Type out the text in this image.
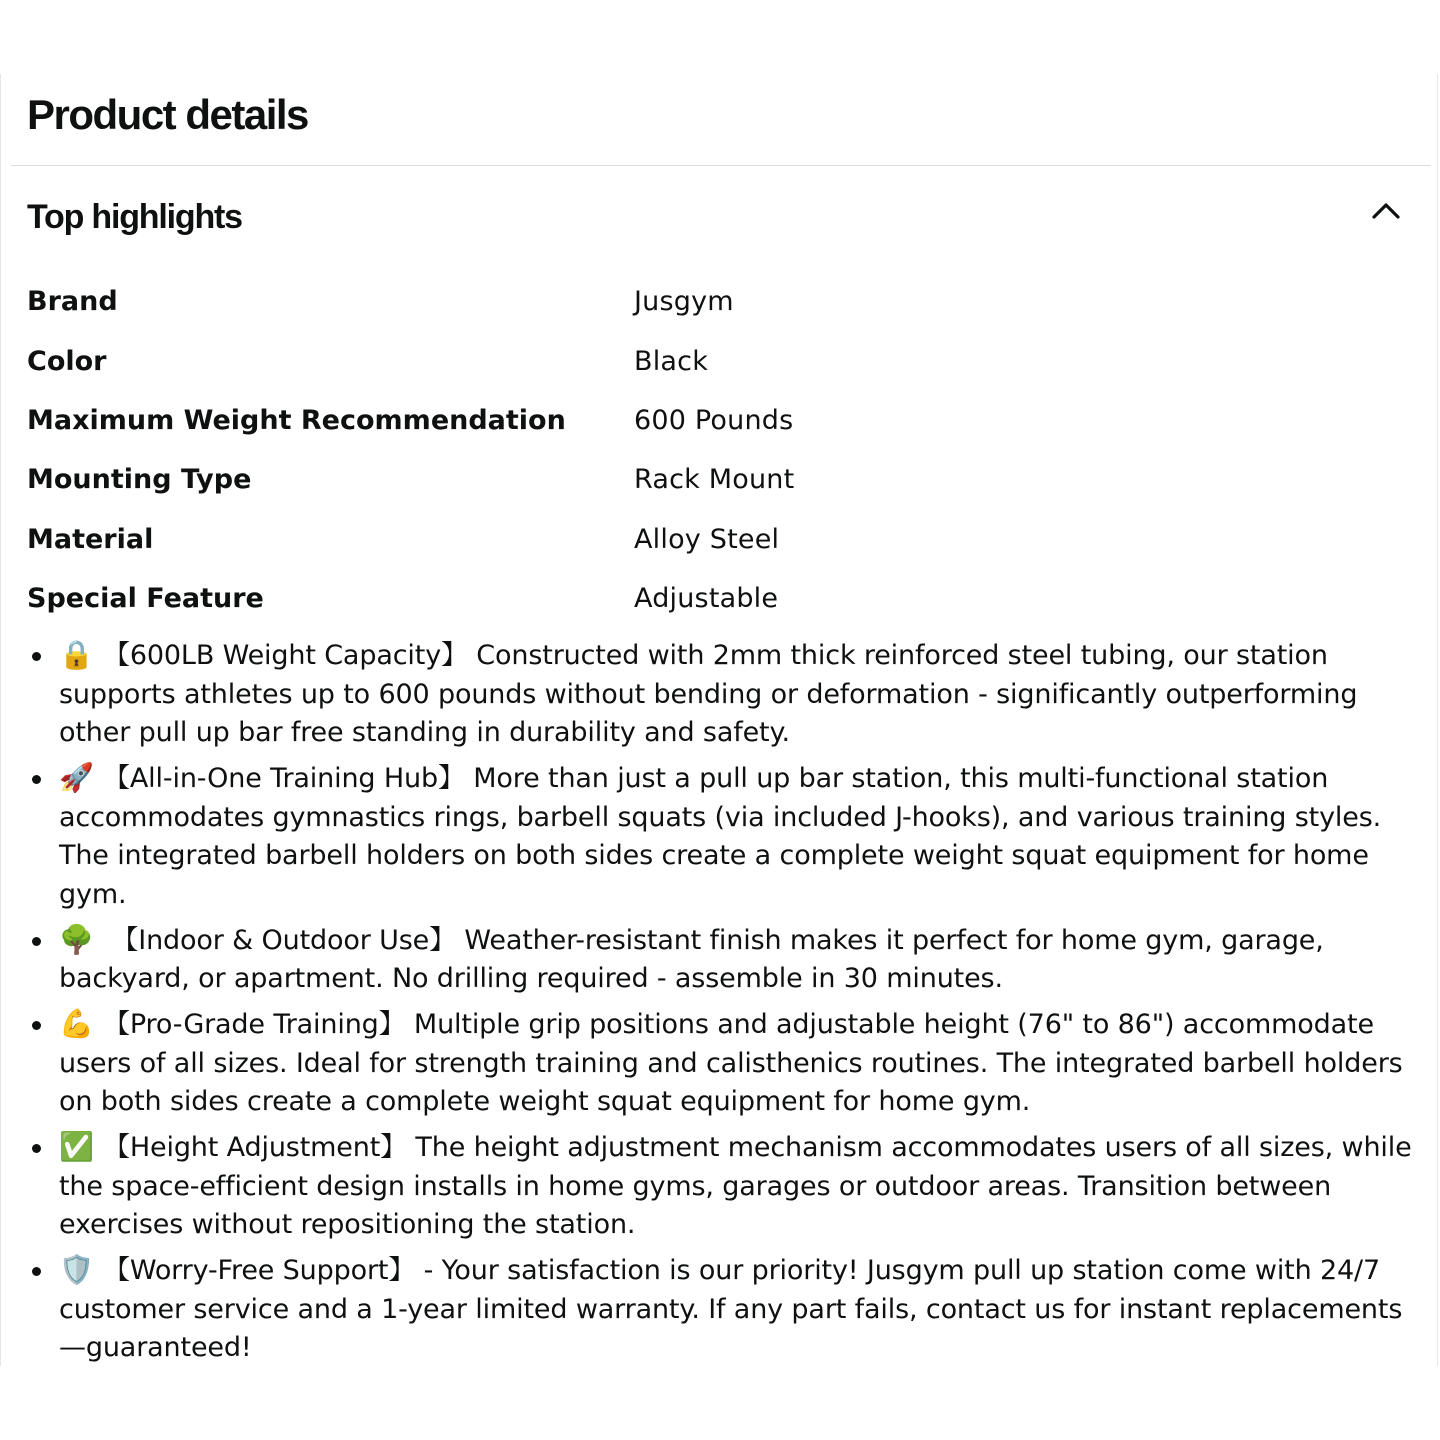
Product details
Top highlights
Brand	Jusgym
Color	Black
Maximum Weight Recommendation	600 Pounds
Mounting Type	Rack Mount
Material	Alloy Steel
Special Feature	Adjustable
🔒 【600LB Weight Capacity】 Constructed with 2mm thick reinforced steel tubing, our station supports athletes up to 600 pounds without bending or deformation - significantly outperforming other pull up bar free standing in durability and safety.
🚀 【All-in-One Training Hub】 More than just a pull up bar station, this multi-functional station accommodates gymnastics rings, barbell squats (via included J-hooks), and various training styles. The integrated barbell holders on both sides create a complete weight squat equipment for home gym.
🌳 【Indoor & Outdoor Use】 Weather-resistant finish makes it perfect for home gym, garage, backyard, or apartment. No drilling required - assemble in 30 minutes.
💪 【Pro-Grade Training】 Multiple grip positions and adjustable height (76" to 86") accommodate users of all sizes. Ideal for strength training and calisthenics routines. The integrated barbell holders on both sides create a complete weight squat equipment for home gym.
✅ 【Height Adjustment】 The height adjustment mechanism accommodates users of all sizes, while the space-efficient design installs in home gyms, garages or outdoor areas. Transition between exercises without repositioning the station.
🛡️ 【Worry-Free Support】 - Your satisfaction is our priority! Jusgym pull up station come with 24/7 customer service and a 1-year limited warranty. If any part fails, contact us for instant replacements—guaranteed!
